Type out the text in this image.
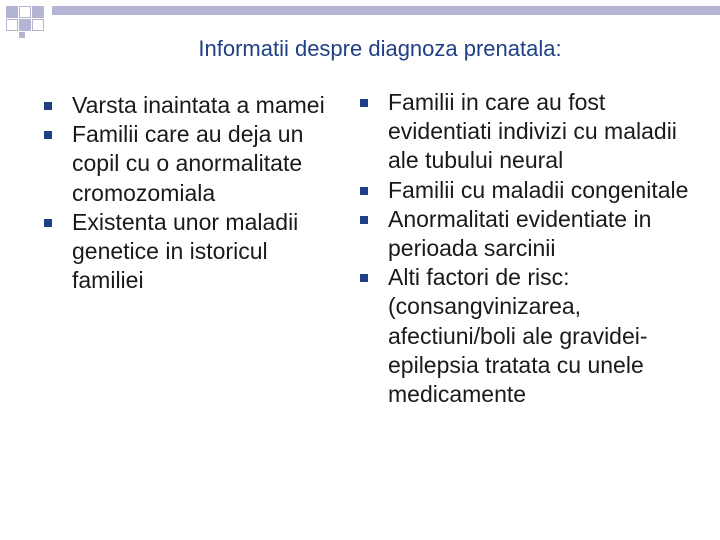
Informatii despre diagnoza prenatala:
Varsta inaintata a mamei
Familii care au deja un copil cu o anormalitate cromozomiala
Existenta unor maladii genetice in istoricul familiei
Familii in care au fost evidentiati indivizi cu maladii ale tubului neural
Familii cu maladii congenitale
Anormalitati evidentiate in perioada sarcinii
Alti factori de risc: (consangvinizarea, afectiuni/boli ale gravidei- epilepsia tratata cu unele medicamente
